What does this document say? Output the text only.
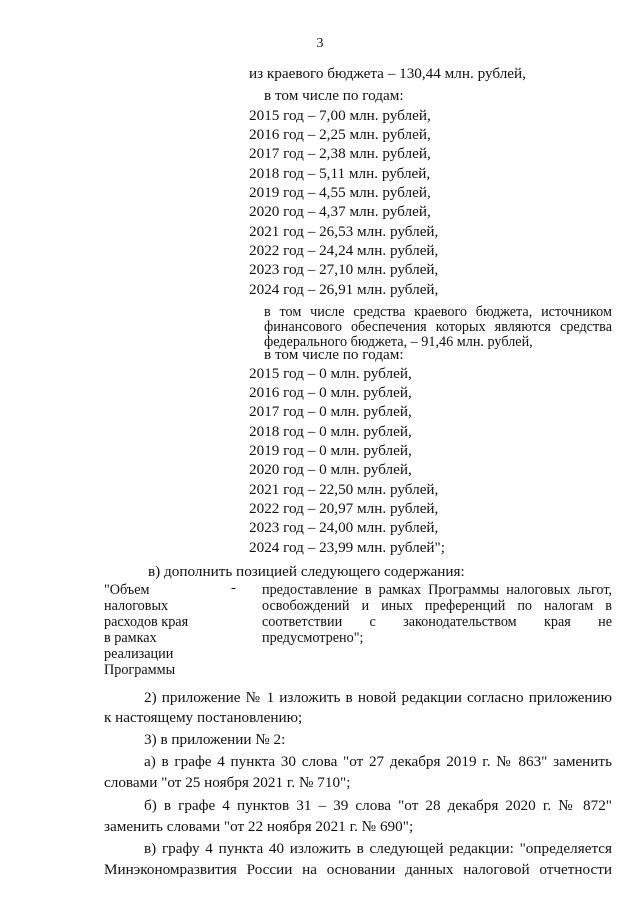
3
из краевого бюджета – 130,44 млн. рублей,
в том числе по годам:
2015 год – 7,00 млн. рублей,
2016 год – 2,25 млн. рублей,
2017 год – 2,38 млн. рублей,
2018 год – 5,11 млн. рублей,
2019 год – 4,55 млн. рублей,
2020 год – 4,37 млн. рублей,
2021 год – 26,53 млн. рублей,
2022 год – 24,24 млн. рублей,
2023 год – 27,10 млн. рублей,
2024 год – 26,91 млн. рублей,
в том числе средства краевого бюджета, источником
финансового обеспечения которых являются средства
федерального бюджета, – 91,46 млн. рублей,
в том числе по годам:
2015 год – 0 млн. рублей,
2016 год – 0 млн. рублей,
2017 год – 0 млн. рублей,
2018 год – 0 млн. рублей,
2019 год – 0 млн. рублей,
2020 год – 0 млн. рублей,
2021 год – 22,50 млн. рублей,
2022 год – 20,97 млн. рублей,
2023 год – 24,00 млн. рублей,
2024 год – 23,99 млн. рублей";
в) дополнить позицией следующего содержания:
"Объем
налоговых
расходов края
в рамках
реализации
Программы
- предоставление в рамках Программы налоговых льгот,
освобождений и иных преференций по налогам в
соответствии с законодательством края не
предусмотрено";
2) приложение № 1 изложить в новой редакции согласно приложению
к настоящему постановлению;
3) в приложении № 2:
а) в графе 4 пункта 30 слова "от 27 декабря 2019 г. № 863" заменить
словами "от 25 ноября 2021 г. № 710";
б) в графе 4 пунктов 31 – 39 слова "от 28 декабря 2020 г. № 872"
заменить словами "от 22 ноября 2021 г. № 690";
в) графу 4 пункта 40 изложить в следующей редакции: "определяется
Минэкономразвития России на основании данных налоговой отчетности
